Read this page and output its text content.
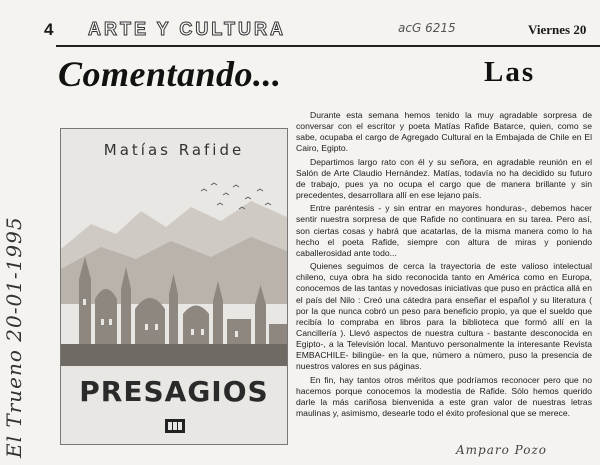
4 ARTE Y CULTURA	acG 6215	Viernes 20
Comentando...	Las
El Trueno 20-01-1995
Matías Rafide
PRESAGIOS

Durante esta semana hemos tenido la muy agradable sorpresa de conversar con el escritor y poeta Matías Rafide Batarce, quien, como se sabe, ocupaba el cargo de Agregado Cultural en la Embajada de Chile en El Cairo, Egipto.

Departimos largo rato con él y su señora, en agradable reunión en el Salón de Arte Claudio Hernández. Matías, todavía no ha decidido su futuro de trabajo, pues ya no ocupa el cargo que de manera brillante y sin precedentes, desarrollara allí en ese lejano país.

Entre paréntesis - y sin entrar en mayores honduras-, debemos hacer sentir nuestra sorpresa de que Rafide no continuara en su tarea. Pero así, son ciertas cosas y habrá que acatarlas, de la misma manera como lo ha hecho el poeta Rafide, siempre con altura de miras y poniendo caballerosidad ante todo...

Quienes seguimos de cerca la trayectoria de este valioso intelectual chileno, cuya obra ha sido reconocida tanto en América como en Europa, conocemos de las tantas y novedosas iniciativas que puso en práctica allá en el país del Nilo : Creó una cátedra para enseñar el español y su literatura ( por la que nunca cobró un peso para beneficio propio, ya que el sueldo que recibía lo compraba en libros para la biblioteca que formó allí en la Cancillería ). Llevó aspectos de nuestra cultura - bastante desconocida en Egipto-, a la Televisión local. Mantuvo personalmente la interesante Revista EMBACHILE- bilingüe- en la que, número a número, puso la presencia de nuestros valores en sus páginas.

En fin, hay tantos otros méritos que podríamos reconocer pero que no hacemos porque conocemos la modestia de Rafide. Sólo hemos querido darle la más cariñosa bienvenida a este gran valor de nuestras letras maulinas y, asimismo, desearle todo el éxito profesional que se merece.

Amparo Pozo
